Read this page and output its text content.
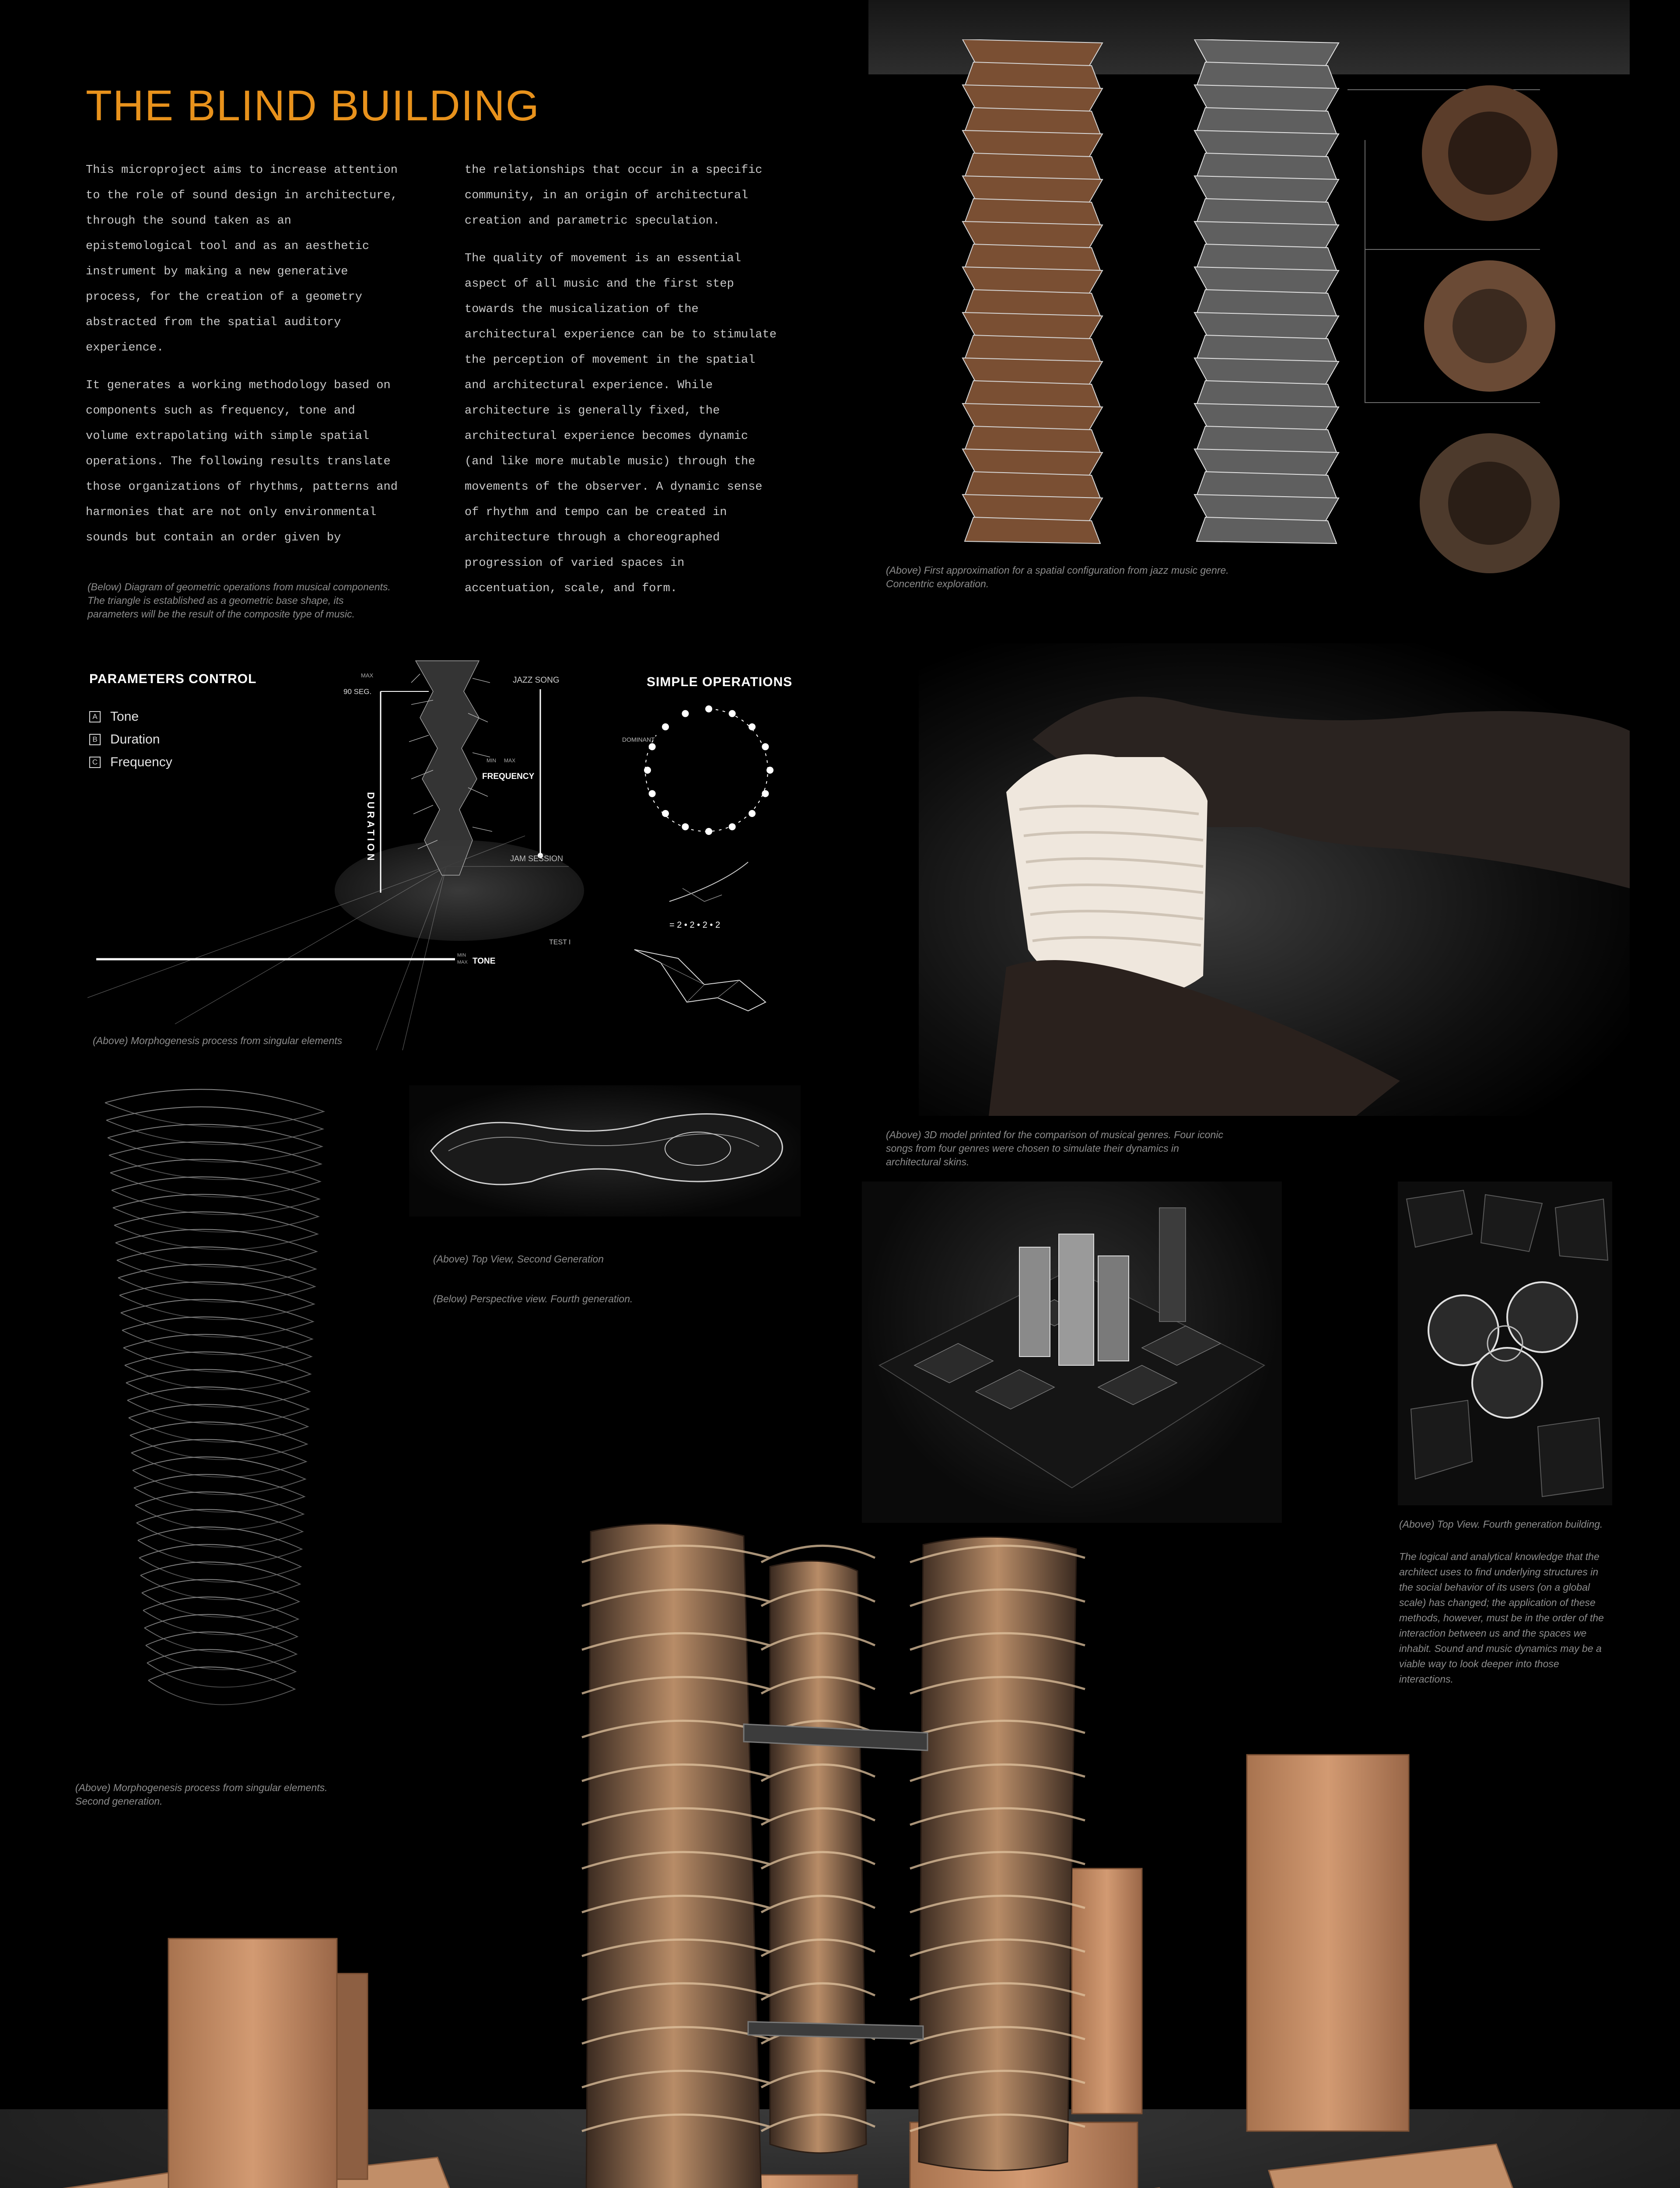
THE BLIND BUILDING

This microproject aims to increase attention to the role of sound design in architecture, through the sound taken as an epistemological tool and as an aesthetic instrument by making a new generative process, for the creation of a geometry abstracted from the spatial auditory experience.

It generates a working methodology based on components such as frequency, tone and volume extrapolating with simple spatial operations. The following results translate those organizations of rhythms, patterns and harmonies that are not only environmental sounds but contain an order given by

the relationships that occur in a specific community, in an origin of architectural creation and parametric speculation.

The quality of movement is an essential aspect of all music and the first step towards the musicalization of the architectural experience can be to stimulate the perception of movement in the spatial and architectural experience. While architecture is generally fixed, the architectural experience becomes dynamic (and like more mutable music) through the movements of the observer. A dynamic sense of rhythm and tempo can be created in architecture through a choreographed progression of varied spaces in accentuation, scale, and form.

(Below) Diagram of geometric operations from musical components. The triangle is established as a geometric base shape, its parameters will be the result of the composite type of music.
PARAMETERS CONTROL
A Tone
B Duration
C Frequency
MAX
90 SEG.
DURATION
JAZZ SONG
FREQUENCY
MIN MAX
JAM SESSION
TEST I
MIN
MAX TONE
SIMPLE OPERATIONS
DOMINANT
= 2 • 2 • 2 • 2
(Above) Morphogenesis process from singular elements
(Above) Morphogenesis process from singular elements. Second generation.
(Above) Top View, Second Generation
(Below) Perspective view. Fourth generation.
(Above) First approximation for a spatial configuration from jazz music genre. Concentric exploration.
(Above) 3D model printed for the comparison of musical genres. Four iconic songs from four genres were chosen to simulate their dynamics in architectural skins.
(Above) Top View. Fourth generation building.
The logical and analytical knowledge that the architect uses to find underlying structures in the social behavior of its users (on a global scale) has changed; the application of these methods, however, must be in the order of the interaction between us and the spaces we inhabit. Sound and music dynamics may be a viable way to look deeper into those interactions.
